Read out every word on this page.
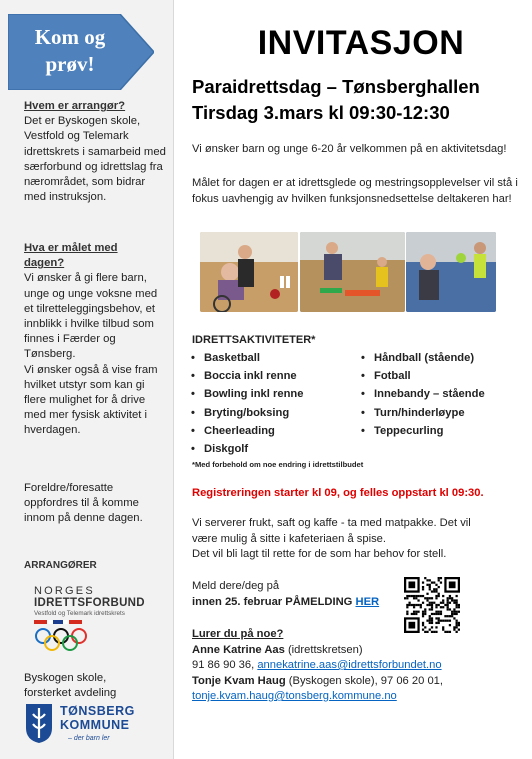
Kom og
prøv!
Hvem er arrangør?
Det er Byskogen skole, Vestfold og Telemark idrettskrets i samarbeid med særforbund og idrettslag fra nærområdet, som bidrar med instruksjon.
Hva er målet med
dagen?
Vi ønsker å gi flere barn, unge og unge voksne med et tilretteleggingsbehov, et innblikk i hvilke tilbud som finnes i Færder og Tønsberg.
Vi ønsker også å vise fram hvilket utstyr som kan gi flere mulighet for å drive med mer fysisk aktivitet i hverdagen.
Foreldre/foresatte oppfordres til å komme innom på denne dagen.
ARRANGØRER
NORGES
IDRETTSFORBUND
Vestfold og Telemark idrettskrets
Byskogen skole,
forsterket avdeling
TØNSBERG
KOMMUNE
– der barn ler
INVITASJON
Paraidrettsdag – Tønsberghallen
Tirsdag 3.mars kl 09:30-12:30
Vi ønsker barn og unge 6-20 år velkommen på en aktivitetsdag!
Målet for dagen er at idrettsglede og mestringsopplevelser vil stå i fokus uavhengig av hvilken funksjonsnedsettelse deltakeren har!
IDRETTSAKTIVITETER*
• Basketball
• Boccia inkl renne
• Bowling inkl renne
• Bryting/boksing
• Cheerleading
• Diskgolf
• Håndball (stående)
• Fotball
• Innebandy – stående
• Turn/hinderløype
• Teppecurling
*Med forbehold om noe endring i idrettstilbudet
Registreringen starter kl 09, og felles oppstart kl 09:30.
Vi serverer frukt, saft og kaffe - ta med matpakke. Det vil
være mulig å sitte i kafeteriaen å spise.
Det vil bli lagt til rette for de som har behov for stell.
Meld dere/deg på
innen 25. februar PÅMELDING HER
Lurer du på noe?
Anne Katrine Aas (idrettskretsen)
91 86 90 36, annekatrine.aas@idrettsforbundet.no
Tonje Kvam Haug (Byskogen skole), 97 06 20 01,
tonje.kvam.haug@tonsberg.kommune.no
